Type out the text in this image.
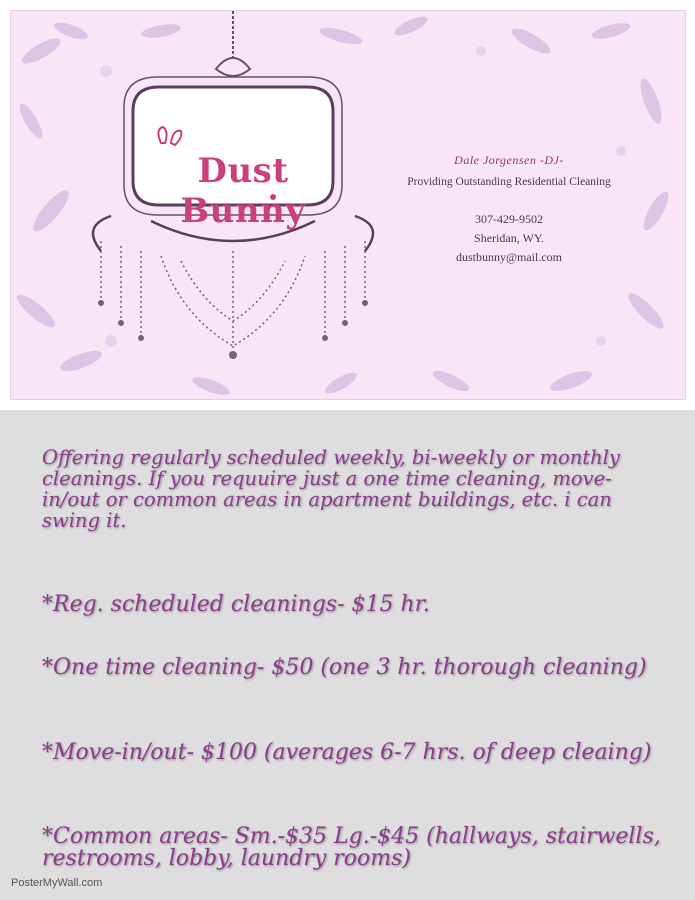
Dust Bunny
Dale Jorgensen -DJ-
Providing Outstanding Residential Cleaning
307-429-9502
Sheridan, WY.
dustbunny@mail.com
Offering regularly scheduled weekly, bi-weekly or monthly cleanings. If you requuire just a one time cleaning, move-in/out or common areas in apartment buildings, etc. i can swing it.
*Reg. scheduled cleanings- $15 hr.
*One time cleaning- $50 (one 3 hr. thorough cleaning)
*Move-in/out- $100 (averages 6-7 hrs. of deep cleaing)
*Common areas- Sm.-$35 Lg.-$45 (hallways, stairwells, restrooms, lobby, laundry rooms)
PosterMyWall.com
